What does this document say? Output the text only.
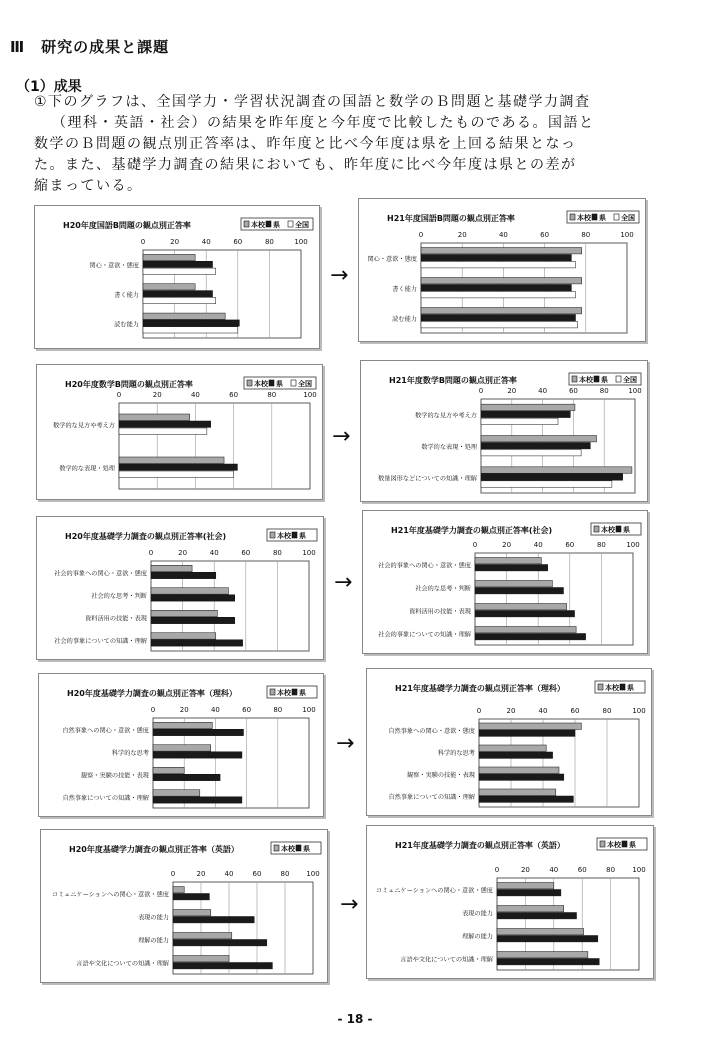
Ⅲ　研究の成果と課題
（1）成果
①下のグラフは、全国学力・学習状況調査の国語と数学のＢ問題と基礎学力調査
（理科・英語・社会）の結果を昨年度と今年度で比較したものである。国語と
数学のＢ問題の観点別正答率は、昨年度と比べ今年度は県を上回る結果となっ
た。また、基礎学力調査の結果においても、昨年度に比べ今年度は県との差が
縮まっている。
H20年度国語B問題の観点別正答率	本校 県 全国
0	20	40	60	80	100
関心・意欲・態度
書く能力
読む能力
H21年度国語B問題の観点別正答率	本校 県 全国
0	20	40	60	80	100
関心・意欲・態度
書く能力
読む能力
H20年度数学B問題の観点別正答率	本校 県 全国
0	20	40	60	80	100
数学的な見方や考え方
数学的な表現・処理
H21年度数学B問題の観点別正答率	本校 県 全国
0	20	40	60	80	100
数学的な見方や考え方
数学的な表現・処理
数量図形などについての知識・理解
H20年度基礎学力調査の観点別正答率(社会)	本校 県
0	20	40	60	80	100
社会的事象への関心・意欲・態度
社会的な思考・判断
資料活用の技能・表現
社会的事象についての知識・理解
H21年度基礎学力調査の観点別正答率(社会)	本校 県
0	20	40	60	80	100
社会的事象への関心・意欲・態度
社会的な思考・判断
資料活用の技能・表現
社会的事象についての知識・理解
H20年度基礎学力調査の観点別正答率（理科）	本校 県
0	20	40	60	80	100
自然事象への関心・意欲・態度
科学的な思考
観察・実験の技能・表現
自然事象についての知識・理解
H21年度基礎学力調査の観点別正答率（理科）	本校 県
0	20	40	60	80	100
自然事象への関心・意欲・態度
科学的な思考
観察・実験の技能・表現
自然事象についての知識・理解
H20年度基礎学力調査の観点別正答率（英語）	本校 県
0	20	40	60	80 100
コミュニケーションへの関心・意欲・態度
表現の能力
理解の能力
言語や文化についての知識・理解
H21年度基礎学力調査の観点別正答率（英語）	本校 県
0	20	40	60	80 100
コミュニケーションへの関心・意欲・態度
表現の能力
理解の能力
言語や文化についての知識・理解
→
→
→
→
→
- 18 -
